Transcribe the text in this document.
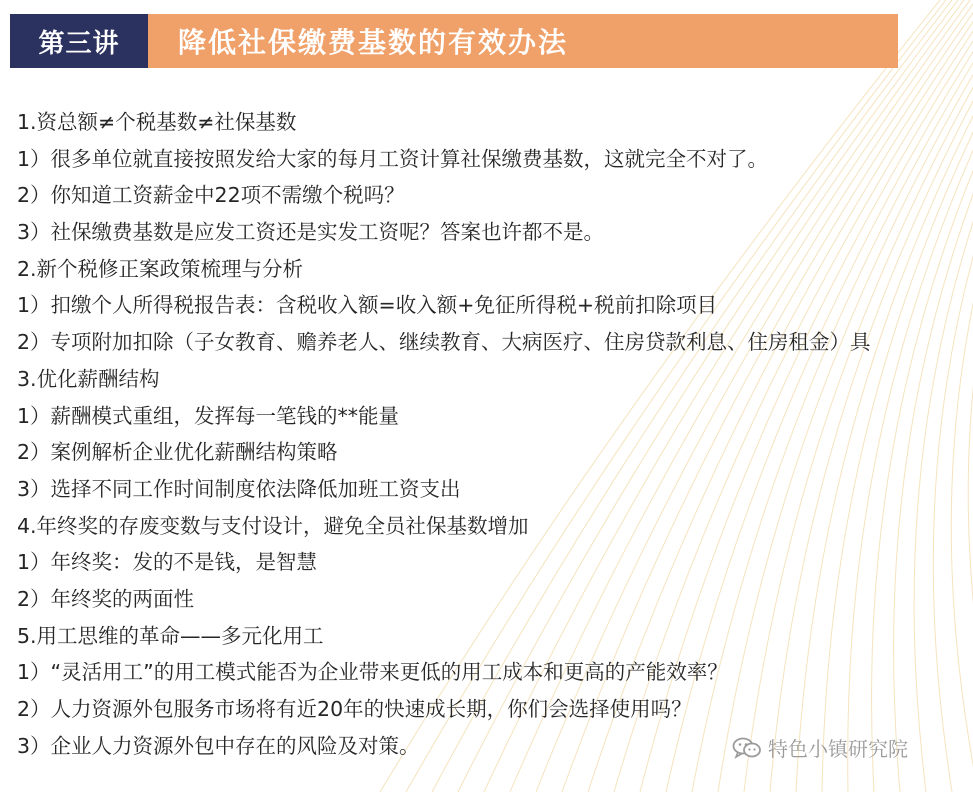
第三讲	降低社保缴费基数的有效办法
1.资总额≠个税基数≠社保基数
1）很多单位就直接按照发给大家的每月工资计算社保缴费基数，这就完全不对了。
2）你知道工资薪金中22项不需缴个税吗？
3）社保缴费基数是应发工资还是实发工资呢？答案也许都不是。
2.新个税修正案政策梳理与分析
1）扣缴个人所得税报告表：含税收入额=收入额+免征所得税+税前扣除项目
2）专项附加扣除（子女教育、赡养老人、继续教育、大病医疗、住房贷款利息、住房租金）具
3.优化薪酬结构
1）薪酬模式重组，发挥每一笔钱的**能量
2）案例解析企业优化薪酬结构策略
3）选择不同工作时间制度依法降低加班工资支出
4.年终奖的存废变数与支付设计，避免全员社保基数增加
1）年终奖：发的不是钱，是智慧
2）年终奖的两面性
5.用工思维的革命——多元化用工
1）“灵活用工”的用工模式能否为企业带来更低的用工成本和更高的产能效率？
2）人力资源外包服务市场将有近20年的快速成长期，你们会选择使用吗？
3）企业人力资源外包中存在的风险及对策。	特色小镇研究院
